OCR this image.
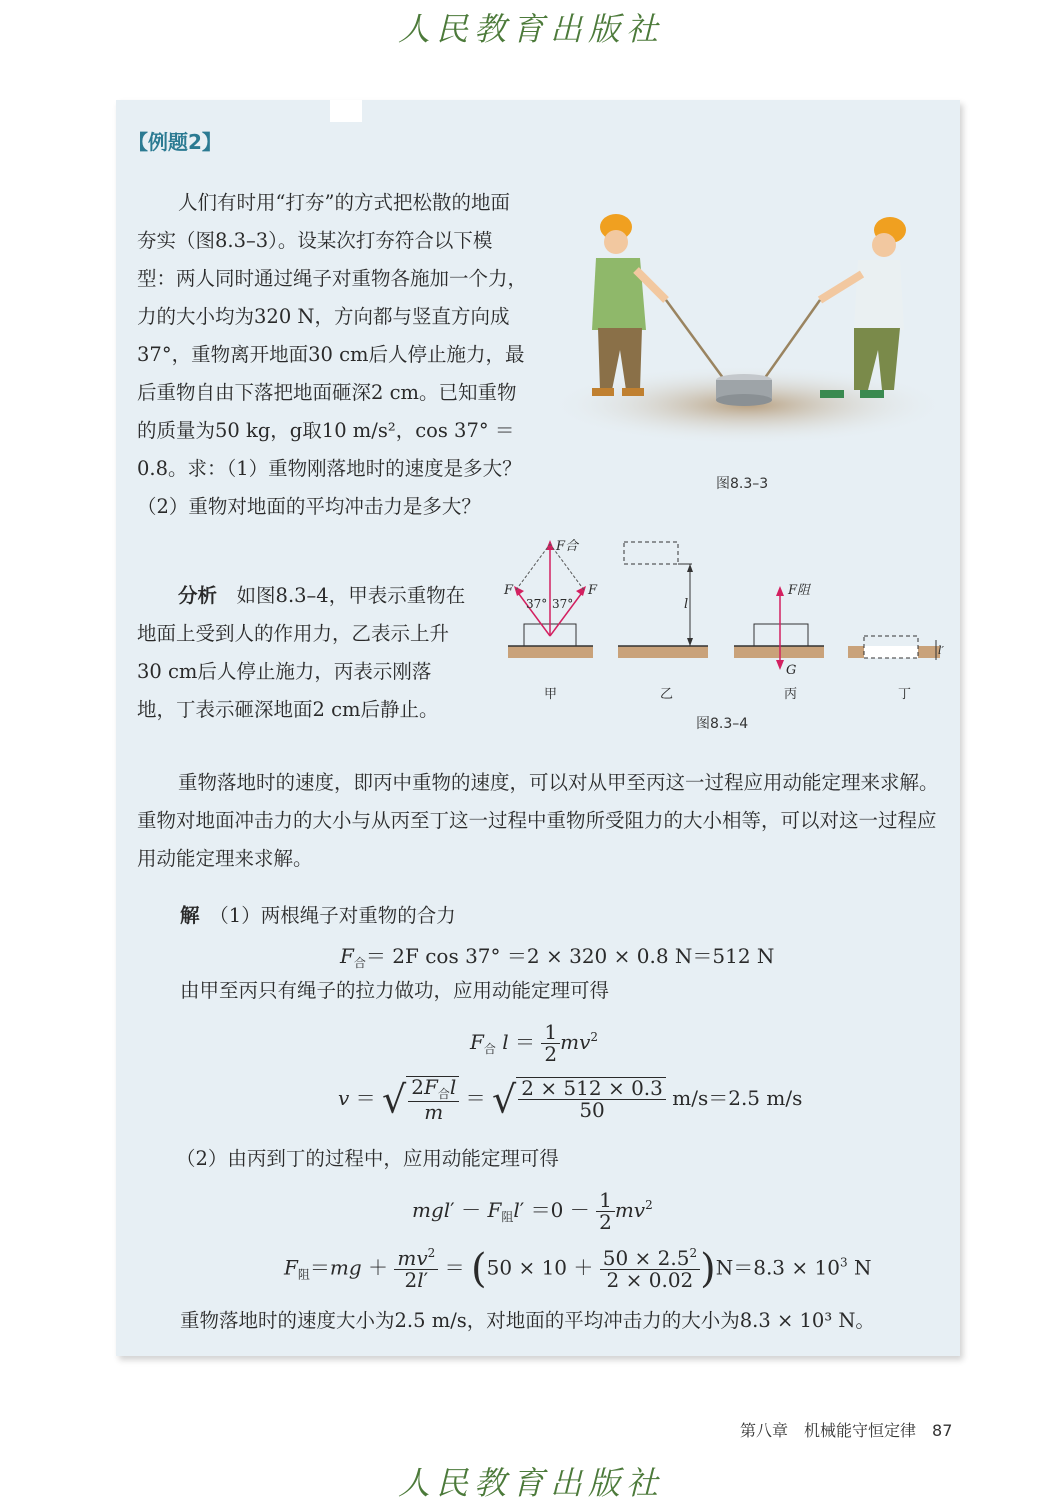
人民教育出版社
【例题2】

人们有时用“打夯”的方式把松散的地面夯实（图8.3–3）。设某次打夯符合以下模型：两人同时通过绳子对重物各施加一个力，力的大小均为320 N，方向都与竖直方向成37°，重物离开地面30 cm后人停止施力，最后重物自由下落把地面砸深2 cm。已知重物的质量为50 kg，g取10 m/s²，cos 37° ＝0.8。求：（1）重物刚落地时的速度是多大？（2）重物对地面的平均冲击力是多大？

图8.3–3
F合
F	F
37° 37°
甲
l
乙
F阻
G
丙
l′
丁
图8.3–4

分析　 如图8.3–4，甲表示重物在地面上受到人的作用力，乙表示上升30 cm后人停止施力，丙表示刚落地，丁表示砸深地面2 cm后静止。

重物落地时的速度，即丙中重物的速度，可以对从甲至丙这一过程应用动能定理来求解。重物对地面冲击力的大小与从丙至丁这一过程中重物所受阻力的大小相等，可以对这一过程应用动能定理来求解。

解　 （1）两根绳子对重物的合力

$F_合= 2F$ cos 37° ＝2 × 320 × 0.8 N＝512 N

由甲至丙只有绳子的拉力做功，应用动能定理可得

$F_合$ $l = \frac{1}{2} mv^2$
v ＝ √ $\frac{2F_合l}{m}$ ＝ √ $\frac{2 \times 512 \times 0.3}{50} m/s=2.5$ m/s

（2）由丙到丁的过程中，应用动能定理可得

$mgl' - F_阻l' =0 - \frac{1}{2} mv^2$
$F_阻=mg + \frac{mv^2}{2l'} = (50 \times 10 + \frac{50 \times 2.5^2}{2 \times 0.02} )N=8.3 \times 10^3$ N

重物落地时的速度大小为2.5 m/s，对地面的平均冲击力的大小为8.3 × 10³ N。

第八章　机械能守恒定律　 87
人民教育出版社
